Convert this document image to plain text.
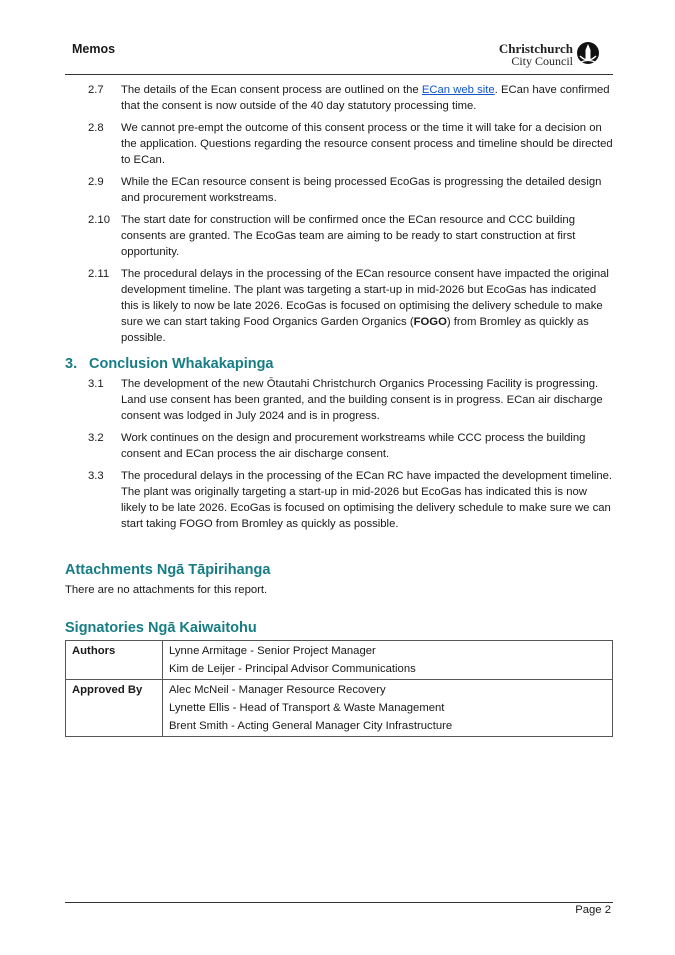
Memos	Christchurch
City Council
2.7	The details of the Ecan consent process are outlined on the ECan web site. ECan have confirmed that the consent is now outside of the 40 day statutory processing time.
2.8	We cannot pre-empt the outcome of this consent process or the time it will take for a decision on the application. Questions regarding the resource consent process and timeline should be directed to ECan.
2.9	While the ECan resource consent is being processed EcoGas is progressing the detailed design and procurement workstreams.
2.10 The start date for construction will be confirmed once the ECan resource and CCC building consents are granted. The EcoGas team are aiming to be ready to start construction at first opportunity.
2.11	The procedural delays in the processing of the ECan resource consent have impacted the original development timeline. The plant was targeting a start-up in mid-2026 but EcoGas has indicated this is likely to now be late 2026. EcoGas is focused on optimising the delivery schedule to make sure we can start taking Food Organics Garden Organics (FOGO) from Bromley as quickly as possible.
3. Conclusion Whakakapinga
3.1	The development of the new Ōtautahi Christchurch Organics Processing Facility is progressing. Land use consent has been granted, and the building consent is in progress. ECan air discharge consent was lodged in July 2024 and is in progress.
3.2	Work continues on the design and procurement workstreams while CCC process the building consent and ECan process the air discharge consent.
3.3	The procedural delays in the processing of the ECan RC have impacted the development timeline. The plant was originally targeting a start-up in mid-2026 but EcoGas has indicated this is now likely to be late 2026. EcoGas is focused on optimising the delivery schedule to make sure we can start taking FOGO from Bromley as quickly as possible.
Attachments Ngā Tāpirihanga
There are no attachments for this report.
Signatories Ngā Kaiwaitohu
Authors	Lynne Armitage - Senior Project Manager
Kim de Leijer - Principal Advisor Communications

Approved By	Alec McNeil - Manager Resource Recovery
Lynette Ellis - Head of Transport & Waste Management
Brent Smith - Acting General Manager City Infrastructure
Page 2
